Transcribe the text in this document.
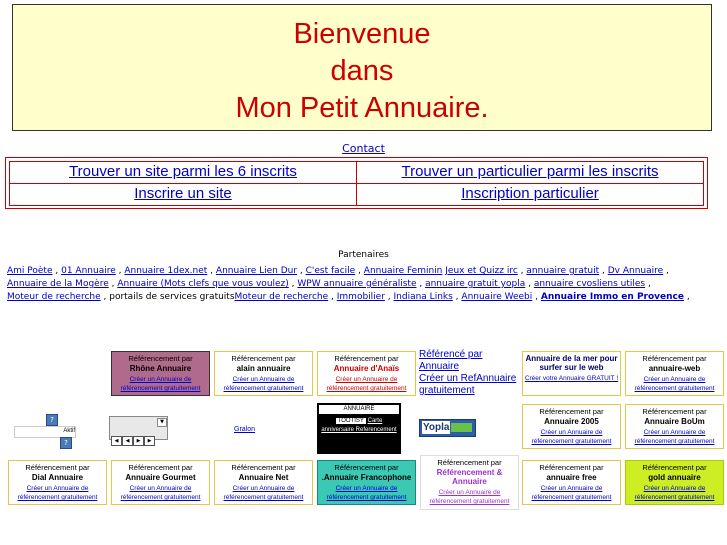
Bienvenue
dans
Mon Petit Annuaire.
Contact
Trouver un site parmi les 6 inscrits	Trouver un particulier parmi les inscrits
Inscrire un site	Inscription particulier
Partenaires
Ami Poète , 01 Annuaire , Annuaire 1dex.net , Annuaire Lien Dur , C'est facile , Annuaire Feminin Jeux et Quizz irc , annuaire gratuit , Dv Annuaire , Annuaire de la Mogère , Annuaire (Mots clefs que vous voulez) , WPW annuaire généraliste , annuaire gratuit yopla , annuaire cvosliens utiles , Moteur de recherche , portails de services gratuitsMoteur de recherche , Immobilier , Indiana Links , Annuaire Weebi , Annuaire Immo en Provence ,
Référencement par
Rhône Annuaire
Créer un Annuaire de référencement gratuitement
Référencement par
alain annuaire
Créer un Annuaire de référencement gratuitement
Référencement par
Annuaire d'Anaïs
Créer un Annuaire de référencement gratuitement
Référencé par Annuaire
Créer un RefAnnuaire gratuitement
Annuaire de la mer pour surfer sur le web
Créer votre Annuaire GRATUIT !
Référencement par
annuaire-web
Créer un Annuaire de référencement gratuitement
?
Aktif
?
▼
◀ ◀ ▶ ▶
Gralon
ANNUAIRE
TOOTISY Carte anniversaire Referencement	Yopla
Référencement par
Annuaire 2005
Créer un Annuaire de référencement gratuitement
Référencement par
Annuaire BoUm
Créer un Annuaire de référencement gratuitement
Référencement par
Dial Annuaire
Créer un Annuaire de référencement gratuitement
Référencement par
Annuaire Gourmet
Créer un Annuaire de référencement gratuitement
Référencement par
Annuaire Net
Créer un Annuaire de référencement gratuitement
Référencement par
.Annuaire Francophone
Créer un Annuaire de référencement gratuitement
Référencement par
Référencement & Annuaire
Créer un Annuaire de référencement gratuitement
Référencement par
annuaire free
Créer un Annuaire de référencement gratuitement
Référencement par
gold annuaire
Créer un Annuaire de référencement gratuitement
